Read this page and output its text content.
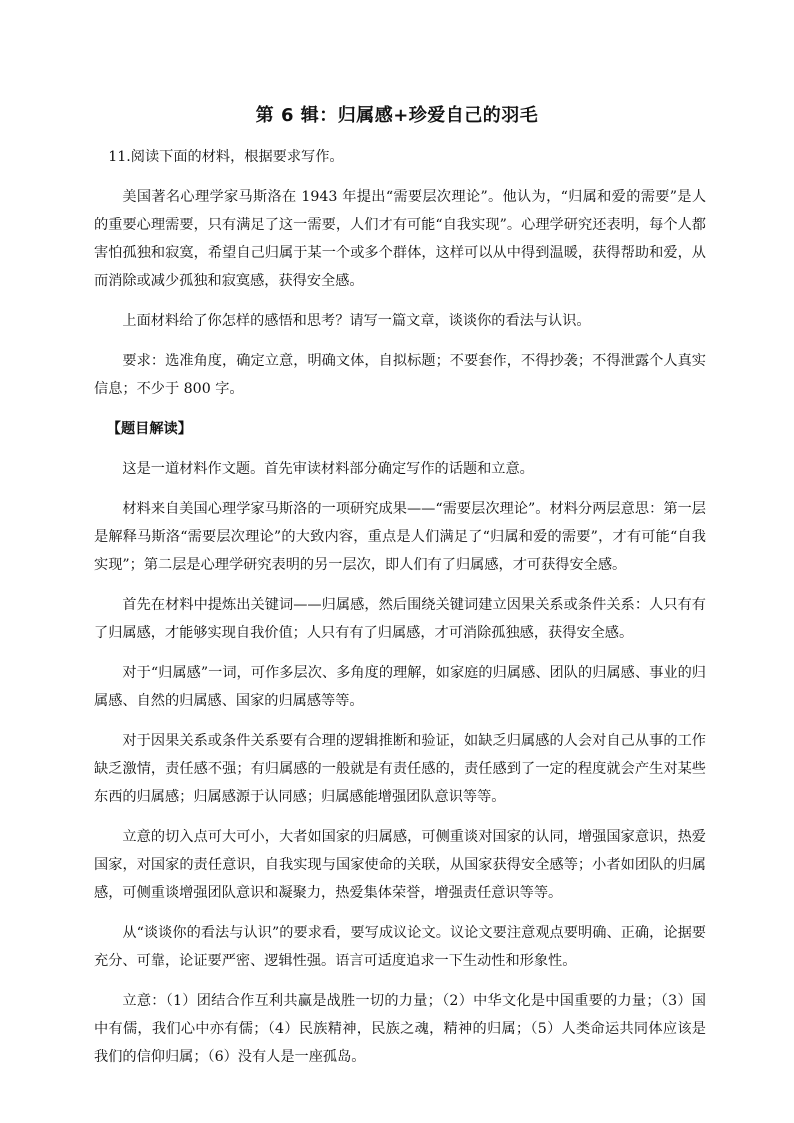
第 6 辑：归属感+珍爱自己的羽毛

11.阅读下面的材料，根据要求写作。

美国著名心理学家马斯洛在 1943 年提出“需要层次理论”。他认为，“归属和爱的需要”是人的重要心理需要，只有满足了这一需要，人们才有可能“自我实现”。心理学研究还表明，每个人都害怕孤独和寂寞，希望自己归属于某一个或多个群体，这样可以从中得到温暖，获得帮助和爱，从而消除或减少孤独和寂寞感，获得安全感。

上面材料给了你怎样的感悟和思考？请写一篇文章，谈谈你的看法与认识。

要求：选准角度，确定立意，明确文体，自拟标题；不要套作，不得抄袭；不得泄露个人真实信息；不少于 800 字。

【题目解读】

这是一道材料作文题。首先审读材料部分确定写作的话题和立意。

材料来自美国心理学家马斯洛的一项研究成果——“需要层次理论”。材料分两层意思：第一层是解释马斯洛“需要层次理论”的大致内容，重点是人们满足了“归属和爱的需要”，才有可能“自我实现”；第二层是心理学研究表明的另一层次，即人们有了归属感，才可获得安全感。

首先在材料中提炼出关键词——归属感，然后围绕关键词建立因果关系或条件关系：人只有有了归属感，才能够实现自我价值；人只有有了归属感，才可消除孤独感，获得安全感。

对于“归属感”一词，可作多层次、多角度的理解，如家庭的归属感、团队的归属感、事业的归属感、自然的归属感、国家的归属感等等。

对于因果关系或条件关系要有合理的逻辑推断和验证，如缺乏归属感的人会对自己从事的工作缺乏激情，责任感不强；有归属感的一般就是有责任感的，责任感到了一定的程度就会产生对某些东西的归属感；归属感源于认同感；归属感能增强团队意识等等。

立意的切入点可大可小，大者如国家的归属感，可侧重谈对国家的认同，增强国家意识，热爱国家，对国家的责任意识，自我实现与国家使命的关联，从国家获得安全感等；小者如团队的归属感，可侧重谈增强团队意识和凝聚力，热爱集体荣誉，增强责任意识等等。

从“谈谈你的看法与认识”的要求看，要写成议论文。议论文要注意观点要明确、正确，论据要充分、可靠，论证要严密、逻辑性强。语言可适度追求一下生动性和形象性。

立意：（1）团结合作互利共赢是战胜一切的力量；（2）中华文化是中国重要的力量；（3）国中有儒，我们心中亦有儒；（4）民族精神，民族之魂，精神的归属；（5）人类命运共同体应该是我们的信仰归属；（6）没有人是一座孤岛。
